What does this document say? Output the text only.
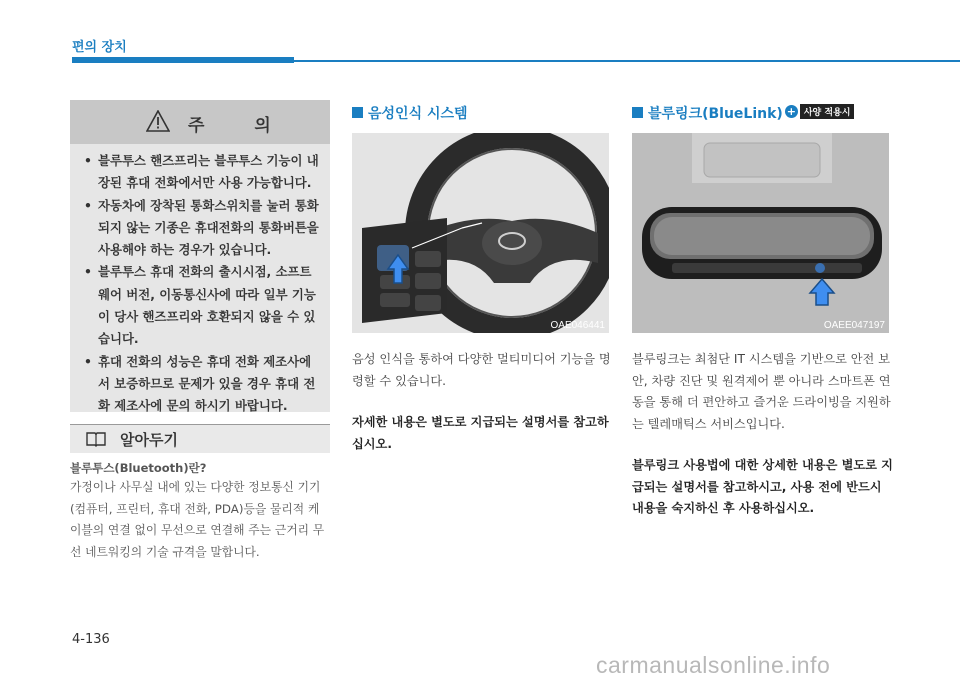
편의 장치
주 의
• 블루투스 핸즈프리는 블루투스 기능이 내장된 휴대 전화에서만 사용 가능합니다.
• 자동차에 장착된 통화스위치를 눌러 통화 되지 않는 기종은 휴대전화의 통화버튼을 사용해야 하는 경우가 있습니다.
• 블루투스 휴대 전화의 출시시점, 소프트웨어 버전, 이동통신사에 따라 일부 기능이 당사 핸즈프리와 호환되지 않을 수 있습니다.
• 휴대 전화의 성능은 휴대 전화 제조사에서 보증하므로 문제가 있을 경우 휴대 전화 제조사에 문의 하시기 바랍니다.
알아두기
블루투스(Bluetooth)란?
가정이나 사무실 내에 있는 다양한 정보통신 기기(컴퓨터, 프린터, 휴대 전화, PDA)등을 물리적 케이블의 연결 없이 무선으로 연결해 주는 근거리 무선 네트워킹의 기술 규격을 말합니다.
음성인식 시스템
OAE046441
음성 인식을 통하여 다양한 멀티미디어 기능을 명령할 수 있습니다.
자세한 내용은 별도로 지급되는 설명서를 참고하십시오.
블루링크(BlueLink) + 사양 적용시
OAEE047197
블루링크는 최첨단 IT 시스템을 기반으로 안전 보안, 차량 진단 및 원격제어 뿐 아니라 스마트폰 연동을 통해 더 편안하고 즐거운 드라이빙을 지원하는 텔레매틱스 서비스입니다.
블루링크 사용법에 대한 상세한 내용은 별도로 지급되는 설명서를 참고하시고, 사용 전에 반드시 내용을 숙지하신 후 사용하십시오.
4-136
carmanualsonline.info
